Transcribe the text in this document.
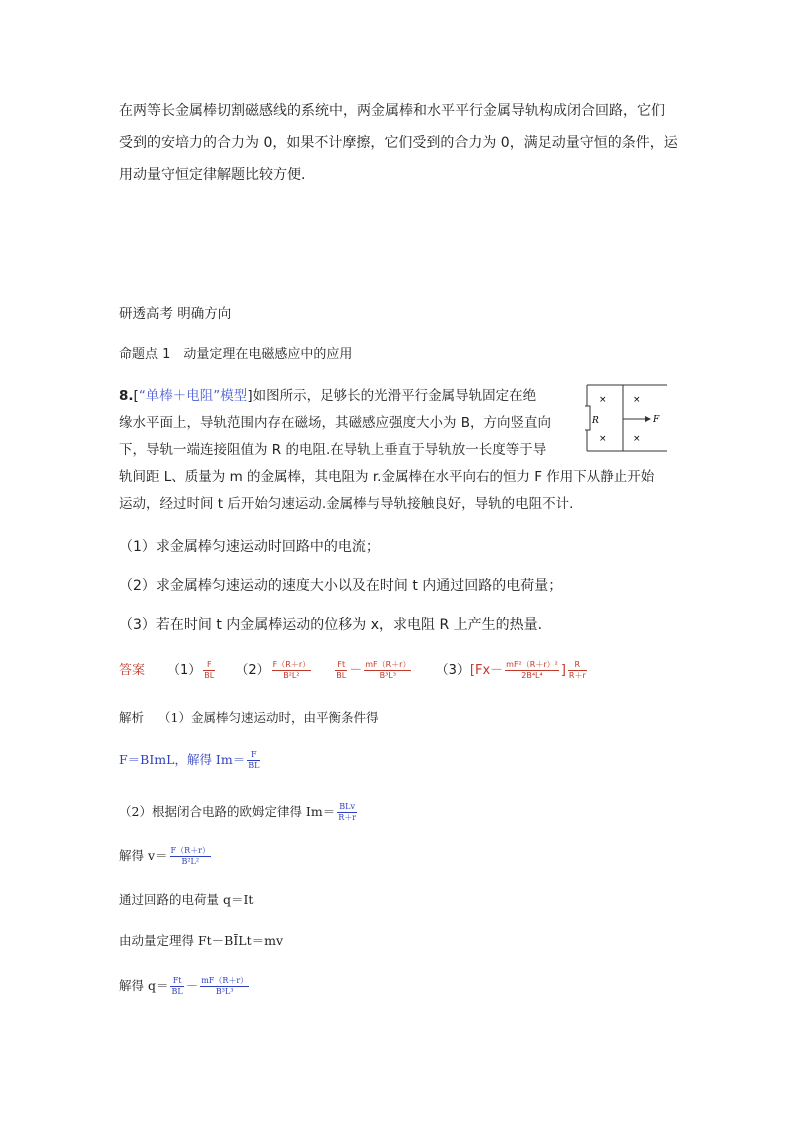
在两等长金属棒切割磁感线的系统中，两金属棒和水平平行金属导轨构成闭合回路，它们
受到的安培力的合力为 0，如果不计摩擦，它们受到的合力为 0，满足动量守恒的条件，运
用动量守恒定律解题比较方便.
研透高考 明确方向
命题点 1　动量定理在电磁感应中的应用
8.[“单棒＋电阻”模型]如图所示，足够长的光滑平行金属导轨固定在绝
缘水平面上，导轨范围内存在磁场，其磁感应强度大小为 B，方向竖直向
下，导轨一端连接阻值为 R 的电阻.在导轨上垂直于导轨放一长度等于导
轨间距 L、质量为 m 的金属棒，其电阻为 r.金属棒在水平向右的恒力 F 作用下从静止开始
运动，经过时间 t 后开始匀速运动.金属棒与导轨接触良好，导轨的电阻不计.
R
×	×
×	×
F
（1）求金属棒匀速运动时回路中的电流；
（2）求金属棒匀速运动的速度大小以及在时间 t 内通过回路的电荷量；
（3）若在时间 t 内金属棒运动的位移为 x，求电阻 R 上产生的热量.
答案 $(1) \frac{F}{BL} (2) \frac{F(R+r)}{\text{B²L²}}$
	$\frac{Ft}{BL} - \frac{mF(R+r)}{\text{B³L³}} (3)[Fx- \frac{\text{mF²（R＋r）²}}{\text{2B⁴L⁴}}$ ] $\frac{R}{R+r}$
解析 （1）金属棒匀速运动时，由平衡条件得
F＝BImL，解得 $Im= \frac{F}{BL}$
（2）根据闭合电路的欧姆定律得 $Im= \frac{\text{BLv}}{R+r}$
解得 $v= \frac{F(R+r)}{\text{B²L²}}$
通过回路的电荷量 q＝It
由动量定理得 Ft－BĪLt＝mv
解得 $q= \frac{Ft}{BL} - \frac{mF(R+r)}{\text{B³L³}}$
